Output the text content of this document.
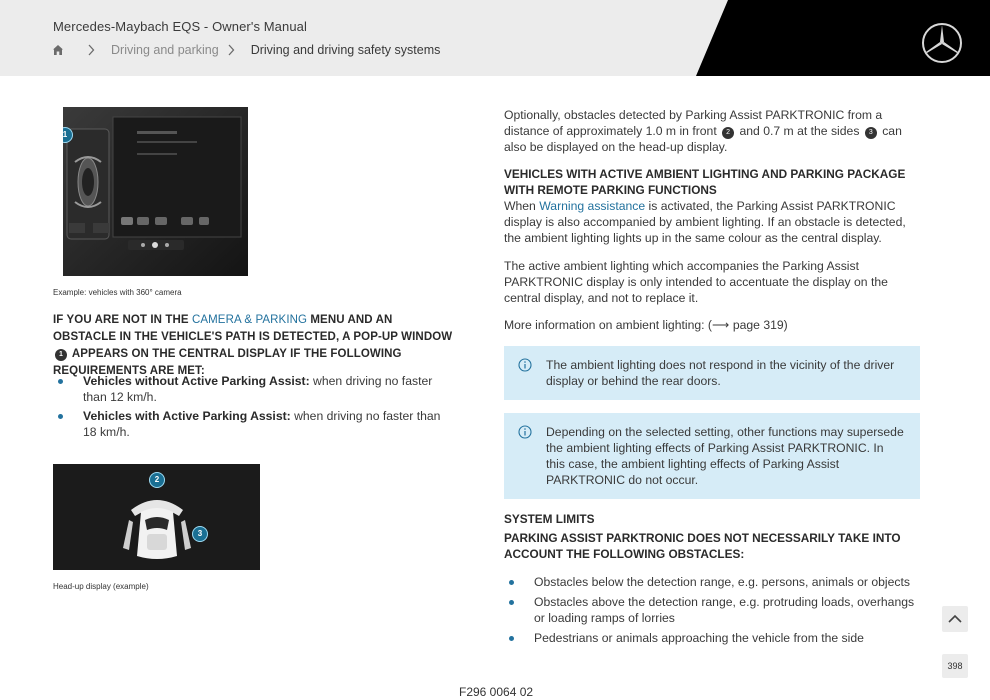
Mercedes-Maybach EQS - Owner's Manual
Driving and parking	Driving and driving safety systems
1
Example: vehicles with 360° camera
IF YOU ARE NOT IN THE CAMERA & PARKING MENU AND AN OBSTACLE IN THE VEHICLE'S PATH IS DETECTED, A POP-UP WINDOW 1 APPEARS ON THE CENTRAL DISPLAY IF THE FOLLOWING REQUIREMENTS ARE MET:
Vehicles without Active Parking Assist: when driving no faster than 12 km/h.
Vehicles with Active Parking Assist: when driving no faster than 18 km/h.
2
3
Head-up display (example)
Optionally, obstacles detected by Parking Assist PARKTRONIC from a distance of approximately 1.0 m in front 2 and 0.7 m at the sides 3 can also be displayed on the head-up display.
VEHICLES WITH ACTIVE AMBIENT LIGHTING AND PARKING PACKAGE WITH REMOTE PARKING FUNCTIONS
When Warning assistance is activated, the Parking Assist PARKTRONIC display is also accompanied by ambient lighting. If an obstacle is detected, the ambient lighting lights up in the same colour as the central display.
The active ambient lighting which accompanies the Parking Assist PARKTRONIC display is only intended to accentuate the display on the central display, and not to replace it.
More information on ambient lighting: (⟶ page 319)
The ambient lighting does not respond in the vicinity of the driver display or behind the rear doors.
Depending on the selected setting, other functions may supersede the ambient lighting effects of Parking Assist PARKTRONIC. In this case, the ambient lighting effects of Parking Assist PARKTRONIC do not occur.
SYSTEM LIMITS
PARKING ASSIST PARKTRONIC DOES NOT NECESSARILY TAKE INTO ACCOUNT THE FOLLOWING OBSTACLES:
Obstacles below the detection range, e.g. persons, animals or objects
Obstacles above the detection range, e.g. protruding loads, overhangs or loading ramps of lorries
Pedestrians or animals approaching the vehicle from the side
398
F296 0064 02
